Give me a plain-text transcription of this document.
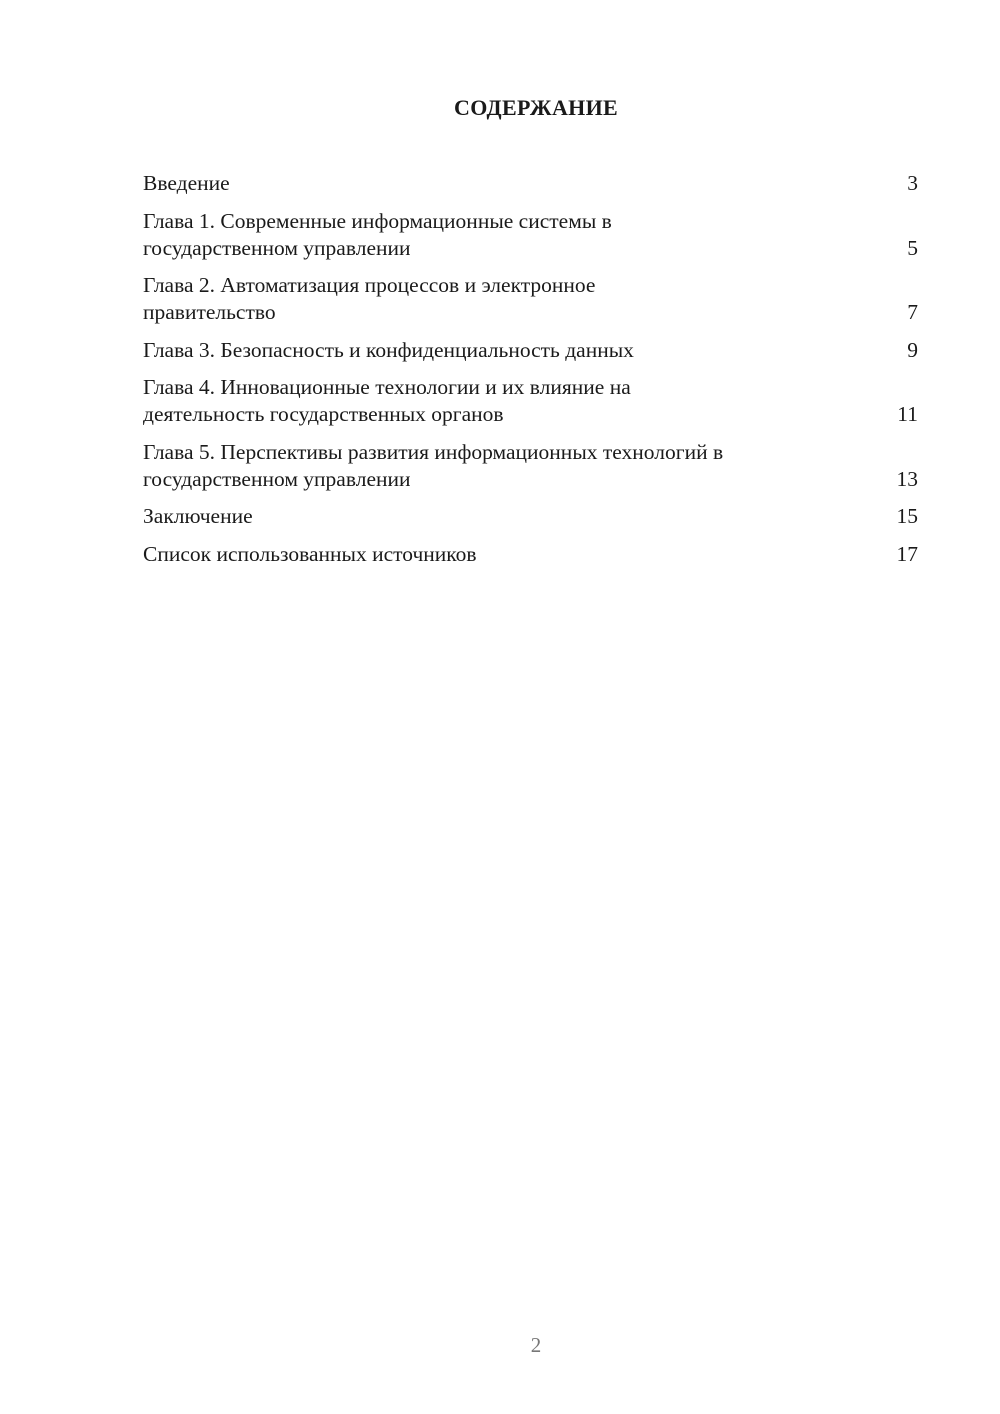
СОДЕРЖАНИЕ
Введение	3
Глава 1. Современные информационные системы в
государственном управлении	5
Глава 2. Автоматизация процессов и электронное
правительство	7
Глава 3. Безопасность и конфиденциальность данных	9
Глава 4. Инновационные технологии и их влияние на
деятельность государственных органов	11
Глава 5. Перспективы развития информационных технологий в
государственном управлении	13
Заключение	15
Список использованных источников	17
2
